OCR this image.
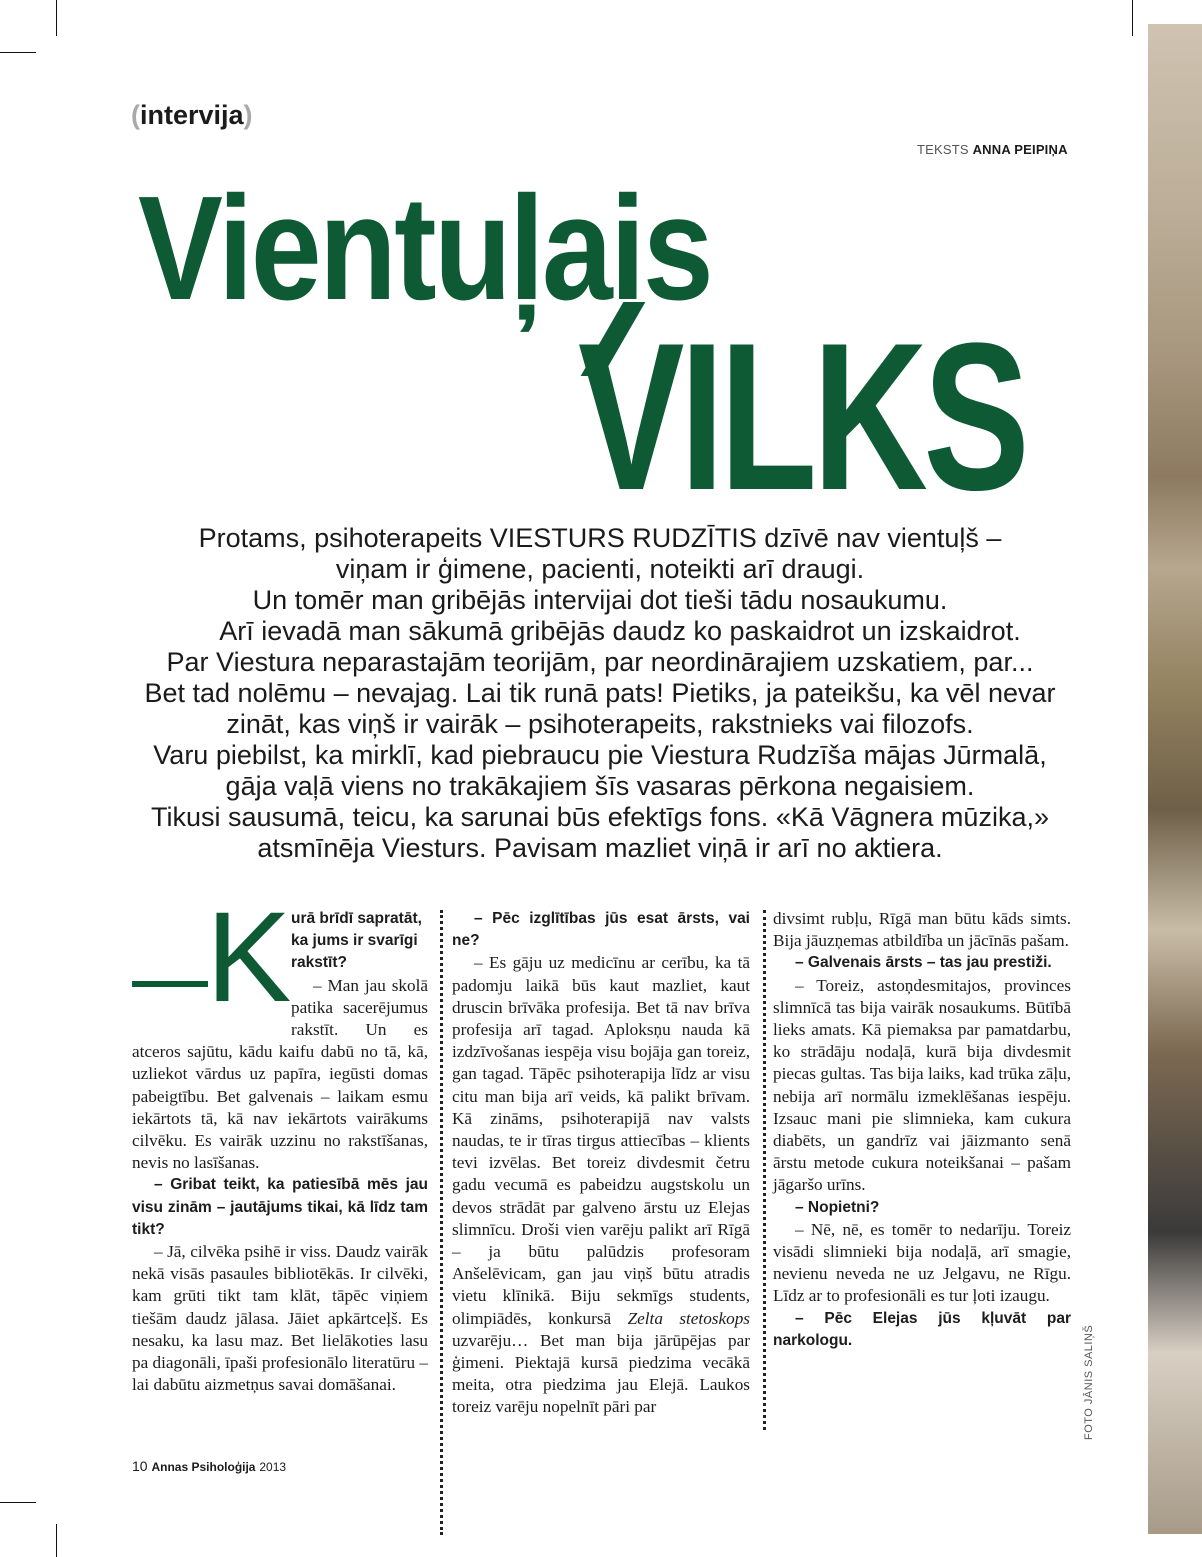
(intervija)
TEKSTS ANNA PEIPIŅA
Vientuļais
VILKS
Protams, psihoterapeits VIESTURS RUDZĪTIS dzīvē nav vientuļš –
viņam ir ģimene, pacienti, noteikti arī draugi.
Un tomēr man gribējās intervijai dot tieši tādu nosaukumu.
Arī ievadā man sākumā gribējās daudz ko paskaidrot un izskaidrot.
Par Viestura neparastajām teorijām, par neordinārajiem uzskatiem, par...
Bet tad nolēmu – nevajag. Lai tik runā pats! Pietiks, ja pateikšu, ka vēl nevar
zināt, kas viņš ir vairāk – psihoterapeits, rakstnieks vai filozofs.
Varu piebilst, ka mirklī, kad piebraucu pie Viestura Rudzīša mājas Jūrmalā,
gāja vaļā viens no trakākajiem šīs vasaras pērkona negaisiem.
Tikusi sausumā, teicu, ka sarunai būs efektīgs fons. «Kā Vāgnera mūzika,»
atsmīnēja Viesturs. Pavisam mazliet viņā ir arī no aktiera.
K urā brīdī sapratāt, ka jums ir svarīgi rakstīt?

– Man jau skolā patika sacerējumus rakstīt. Un es atceros sajūtu, kādu kaifu dabū no tā, kā, uzliekot vārdus uz papīra, iegūsti domas pabeigtību. Bet galvenais – laikam esmu iekārtots tā, kā nav iekārtots vairākums cilvēku. Es vairāk uzzinu no rakstīšanas, nevis no lasīšanas.

– Gribat teikt, ka patiesībā mēs jau visu zinām – jautājums tikai, kā līdz tam tikt?

– Jā, cilvēka psihē ir viss. Daudz vairāk nekā visās pasaules bibliotēkās. Ir cilvēki, kam grūti tikt tam klāt, tāpēc viņiem tiešām daudz jālasa. Jāiet apkārtceļš. Es nesaku, ka lasu maz. Bet lielākoties lasu pa diagonāli, īpaši profesionālo literatūru – lai dabūtu aizmetņus savai domāšanai.

– Pēc izglītības jūs esat ārsts, vai ne?

– Es gāju uz medicīnu ar cerību, ka tā padomju laikā būs kaut mazliet, kaut druscin brīvāka profesija. Bet tā nav brīva profesija arī tagad. Aploksņu nauda kā izdzīvošanas iespēja visu bojāja gan toreiz, gan tagad. Tāpēc psihoterapija līdz ar visu citu man bija arī veids, kā palikt brīvam. Kā zināms, psihoterapijā nav valsts naudas, te ir tīras tirgus attiecības – klients tevi izvēlas. Bet toreiz divdesmit četru gadu vecumā es pabeidzu augstskolu un devos strādāt par galveno ārstu uz Elejas slimnīcu. Droši vien varēju palikt arī Rīgā – ja būtu palūdzis profesoram Anšelēvicam, gan jau viņš būtu atradis vietu klīnikā. Biju sekmīgs students, olimpiādēs, konkursā Zelta stetoskops uzvarēju… Bet man bija jārūpējas par ģimeni. Piektajā kursā piedzima vecākā meita, otra piedzima jau Elejā. Laukos toreiz varēju nopelnīt pāri par

divsimt rubļu, Rīgā man būtu kāds simts. Bija jāuzņemas atbildība un jācīnās pašam.

– Galvenais ārsts – tas jau prestiži.

– Toreiz, astoņdesmitajos, provinces slimnīcā tas bija vairāk nosaukums. Būtībā lieks amats. Kā piemaksa par pamatdarbu, ko strādāju nodaļā, kurā bija divdesmit piecas gultas. Tas bija laiks, kad trūka zāļu, nebija arī normālu izmeklēšanas iespēju. Izsauc mani pie slimnieka, kam cukura diabēts, un gandrīz vai jāizmanto senā ārstu metode cukura noteikšanai – pašam jāgaršo urīns.

– Nopietni?

– Nē, nē, es tomēr to nedarīju. Toreiz visādi slimnieki bija nodaļā, arī smagie, nevienu neveda ne uz Jelgavu, ne Rīgu. Līdz ar to profesionāli es tur ļoti izaugu.

– Pēc Elejas jūs kļuvāt par narkologu.

10 Annas Psiholoģija 2013
FOTO JĀNIS SALIŅŠ
